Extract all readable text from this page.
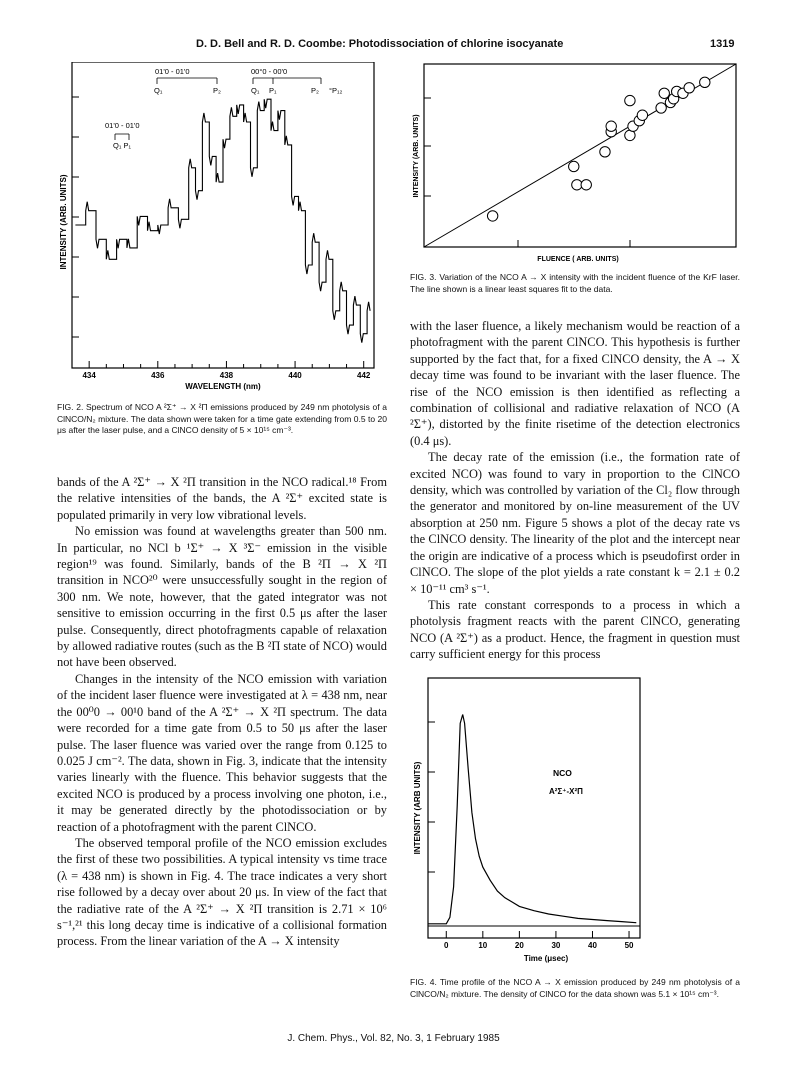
D. D. Bell and R. D. Coombe: Photodissociation of chlorine isocyanate	1319
434	436	438	440	442
WAVELENGTH (nm)
INTENSITY (ARB. UNITS)
01'0 - 01'0
Q₁	P₂
00°0 - 00'0
Q₁ P₁	P₂ °P₁₂
01'0 - 01'0
Q₁ P₁
FIG. 2. Spectrum of NCO A ²Σ⁺ → X ²Π emissions produced by 249 nm photolysis of a ClNCO/N₂ mixture. The data shown were taken for a time gate extending from 0.5 to 20 μs after the laser pulse, and a ClNCO density of 5 × 10¹⁵ cm⁻³.

bands of the A ²Σ⁺ → X ²Π transition in the NCO radical.¹⁸ From the relative intensities of the bands, the A ²Σ⁺ excited state is populated primarily in very low vibrational levels.

No emission was found at wavelengths greater than 500 nm. In particular, no NCl b ¹Σ⁺ → X ³Σ⁻ emission in the visible region¹⁹ was found. Similarly, bands of the B ²Π → X ²Π transition in NCO²⁰ were unsuccessfully sought in the region of 300 nm. We note, however, that the gated integrator was not sensitive to emission occurring in the first 0.5 μs after the laser pulse. Consequently, direct photofragments capable of relaxation by allowed radiative routes (such as the B ²Π state of NCO) would not have been observed.

Changes in the intensity of the NCO emission with variation of the incident laser fluence were investigated at λ = 438 nm, near the 00⁰0 → 00¹0 band of the A ²Σ⁺ → X ²Π spectrum. The data were recorded for a time gate from 0.5 to 50 μs after the laser pulse. The laser fluence was varied over the range from 0.125 to 0.025 J cm⁻². The data, shown in Fig. 3, indicate that the intensity varies linearly with the fluence. This behavior suggests that the excited NCO is produced by a process involving one photon, i.e., it may be generated directly by the photodissociation or by reaction of a photofragment with the parent ClNCO.

The observed temporal profile of the NCO emission excludes the first of these two possibilities. A typical intensity vs time trace (λ = 438 nm) is shown in Fig. 4. The trace indicates a very short rise followed by a decay over about 20 μs. In view of the fact that the radiative rate of the A ²Σ⁺ → X ²Π transition is 2.71 × 10⁶ s⁻¹,²¹ this long decay time is indicative of a collisional formation process. From the linear variation of the A → X intensity

FLUENCE ( ARB. UNITS)
INTENSITY (ARB. UNITS)
FIG. 3. Variation of the NCO A → X intensity with the incident fluence of the KrF laser. The line shown is a linear least squares fit to the data.

with the laser fluence, a likely mechanism would be reaction of a photofragment with the parent ClNCO. This hypothesis is further supported by the fact that, for a fixed ClNCO density, the A → X decay time was found to be invariant with the laser fluence. The rise of the NCO emission is then identified as reflecting a combination of collisional and radiative relaxation of NCO (A ²Σ⁺), distorted by the finite risetime of the detection electronics (0.4 μs).

The decay rate of the emission (i.e., the formation rate of excited NCO) was found to vary in proportion to the ClNCO density, which was controlled by variation of the Cl₂ flow through the generator and monitored by on-line measurement of the UV absorption at 250 nm. Figure 5 shows a plot of the decay rate vs the ClNCO density. The linearity of the plot and the intercept near the origin are indicative of a process which is pseudofirst order in ClNCO. The slope of the plot yields a rate constant k = 2.1 ± 0.2 × 10⁻¹¹ cm³ s⁻¹.

This rate constant corresponds to a process in which a photolysis fragment reacts with the parent ClNCO, generating NCO (A ²Σ⁺) as a product. Hence, the fragment in question must carry sufficient energy for this process

0	10	20	30	40	50
Time (μsec)
INTENSITY (ARB UNITS)	NCO
A²Σ⁺-X²Π
FIG. 4. Time profile of the NCO A → X emission produced by 249 nm photolysis of a ClNCO/N₂ mixture. The density of ClNCO for the data shown was 5.1 × 10¹⁵ cm⁻³.
J. Chem. Phys., Vol. 82, No. 3, 1 February 1985
